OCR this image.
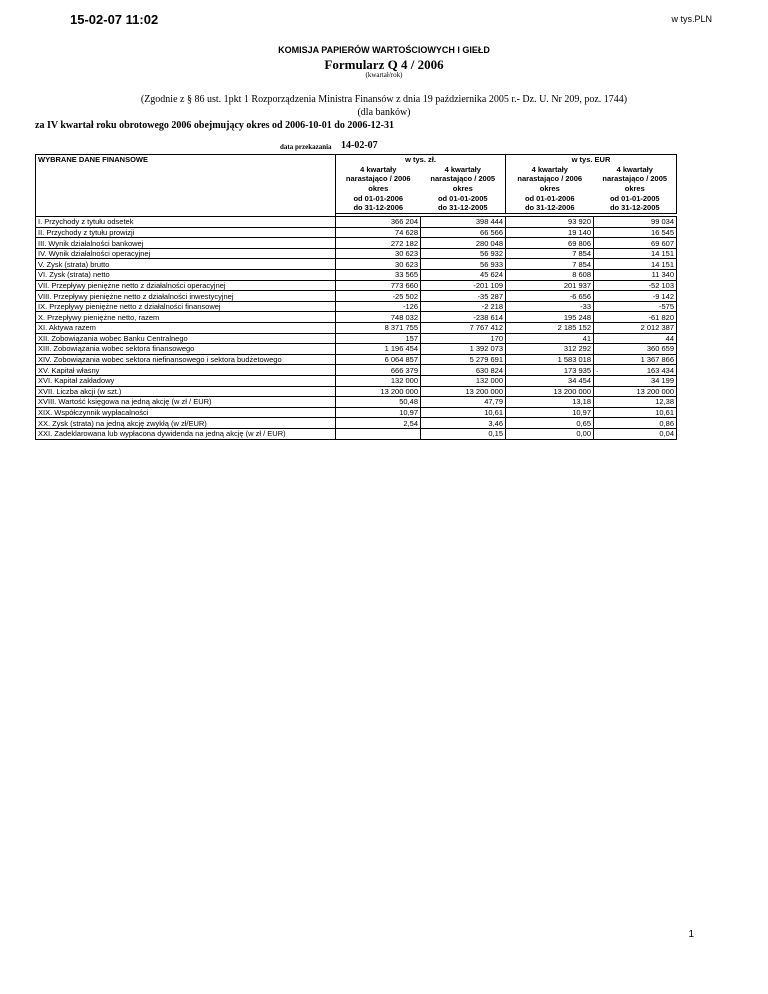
15-02-07 11:02	w tys.PLN
KOMISJA PAPIERÓW WARTOŚCIOWYCH I GIEŁD
Formularz Q 4 / 2006
(kwartał/rok)
(Zgodnie z § 86 ust. 1pkt 1 Rozporządzenia Ministra Finansów z dnia 19 października 2005 r.- Dz. U. Nr 209, poz. 1744)
(dla banków)
za IV kwartał roku obrotowego 2006 obejmujący okres od 2006-10-01 do 2006-12-31
data przekazania 14-02-07
WYBRANE DANE FINANSOWE	w tys. zł.		w tys. EUR	
	4 kwartały	4 kwartały	4 kwartały	4 kwartały
	narastająco / 2006	narastająco / 2005	narastająco / 2006	narastająco / 2005
	okres	okres	okres	okres
	od 01-01-2006	od 01-01-2005	od 01-01-2006	od 01-01-2005
	do 31-12-2006	do 31-12-2005	do 31-12-2006	do 31-12-2005

I. Przychody z tytułu odsetek	366 204	398 444	93 920	99 034
II. Przychody z tytułu prowizji	74 628	66 566	19 140	16 545
III. Wynik działalności bankowej	272 182	280 048	69 806	69 607
IV. Wynik działalności operacyjnej	30 623	56 932	7 854	14 151
V. Zysk (strata) brutto	30 623	56 933	7 854	14 151
VI. Zysk (strata) netto	33 565	45 624	8 608	11 340
VII. Przepływy pieniężne netto z działalności operacyjnej	773 660	-201 109	201 937	-52 103
VIII. Przepływy pieniężne netto z działalności inwestycyjnej	-25 502	-35 287	-6 656	-9 142
IX. Przepływy pieniężne netto z działalności finansowej	-126	-2 218	-33	-575
X. Przepływy pieniężne netto, razem	748 032	-238 614	195 248	-61 820
XI. Aktywa razem	8 371 755	7 767 412	2 185 152	2 012 387
XII. Zobowiązania wobec Banku Centralnego	157	170	41	44
XIII. Zobowiązania wobec sektora finansowego	1 196 454	1 392 073	312 292	360 659
XIV. Zobowiązania wobec sektora niefinansowego i sektora budżetowego	6 064 857	5 279 691	1 583 018	1 367 866
XV. Kapitał własny	666 379	630 824	173 935	163 434
XVI. Kapitał zakładowy	132 000	132 000	34 454	34 199
XVII. Liczba akcji (w szt.)	13 200 000	13 200 000	13 200 000	13 200 000
XVIII. Wartość księgowa na jedną akcję (w zł / EUR)	50,48	47,79	13,18	12,38
XIX. Współczynnik wypłacalności	10,97	10,61	10,97	10,61
XX. Zysk (strata) na jedną akcję zwykłą (w zł/EUR)	2,54	3,46	0,65	0,86
XXI. Zadeklarowana lub wypłacona dywidenda na jedną akcję (w zł / EUR)		0,15	0,00	0,04
.
1
